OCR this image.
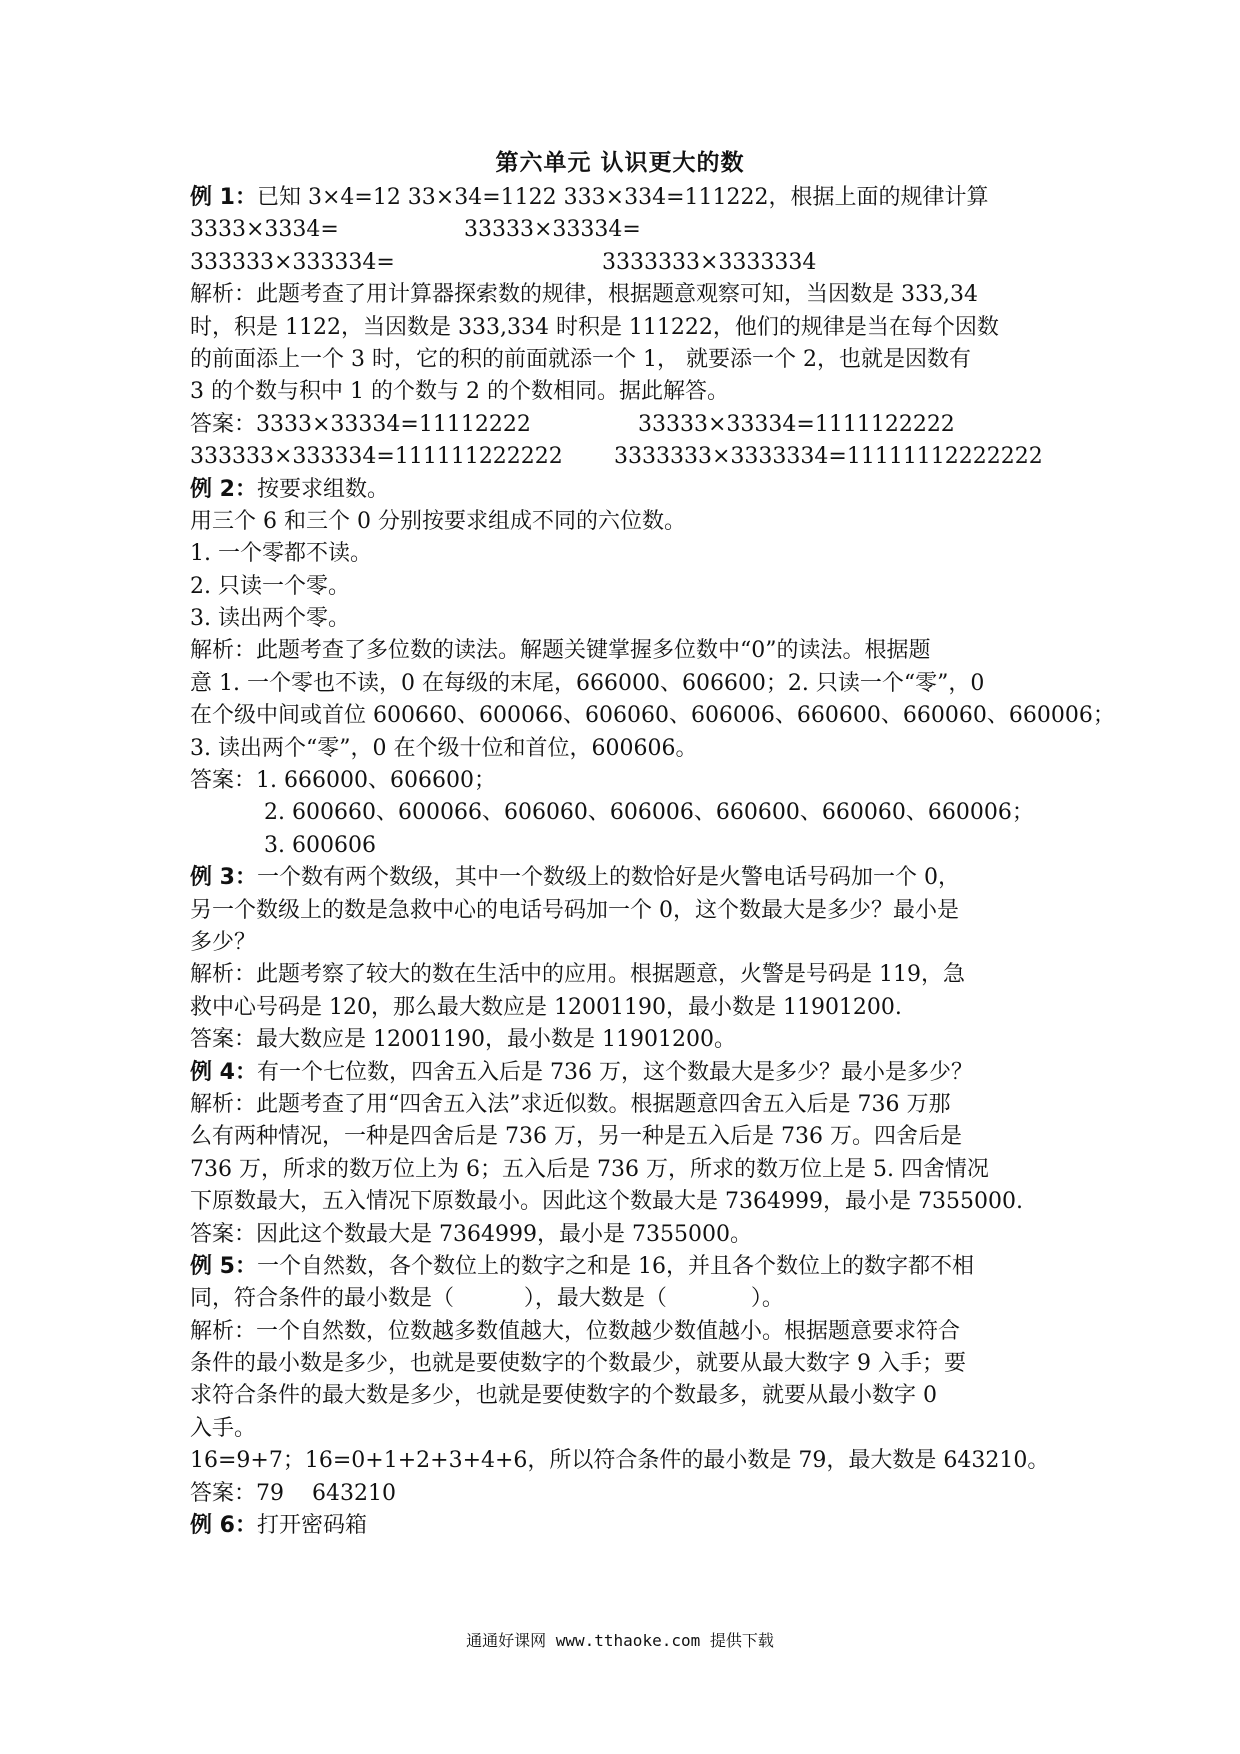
第六单元 认识更大的数
例 1：已知 3×4=12 33×34=1122 333×334=111222，根据上面的规律计算
3333×3334=	33333×33334=
333333×333334=	3333333×3333334
解析：此题考查了用计算器探索数的规律，根据题意观察可知，当因数是 333,34
时，积是 1122，当因数是 333,334 时积是 111222，他们的规律是当在每个因数
的前面添上一个 3 时，它的积的前面就添一个 1， 就要添一个 2，也就是因数有
3 的个数与积中 1 的个数与 2 的个数相同。据此解答。
答案：3333×33334=11112222	33333×33334=1111122222
333333×333334=111111222222 3333333×3333334=11111112222222
例 2：按要求组数。
用三个 6 和三个 0 分别按要求组成不同的六位数。
1. 一个零都不读。
2. 只读一个零。
3. 读出两个零。
解析：此题考查了多位数的读法。解题关键掌握多位数中“0”的读法。根据题
意 1. 一个零也不读，0 在每级的末尾，666000、606600；2. 只读一个“零”，0
在个级中间或首位 600660、600066、606060、606006、660600、660060、660006；
3. 读出两个“零”，0 在个级十位和首位，600606。
答案：1. 666000、606600；
2. 600660、600066、606060、606006、660600、660060、660006；
3. 600606
例 3：一个数有两个数级，其中一个数级上的数恰好是火警电话号码加一个 0，
另一个数级上的数是急救中心的电话号码加一个 0，这个数最大是多少？最小是
多少？
解析：此题考察了较大的数在生活中的应用。根据题意，火警是号码是 119，急
救中心号码是 120，那么最大数应是 12001190，最小数是 11901200.
答案：最大数应是 12001190，最小数是 11901200。
例 4：有一个七位数，四舍五入后是 736 万，这个数最大是多少？最小是多少？
解析：此题考查了用“四舍五入法”求近似数。根据题意四舍五入后是 736 万那
么有两种情况，一种是四舍后是 736 万，另一种是五入后是 736 万。四舍后是
736 万，所求的数万位上为 6；五入后是 736 万，所求的数万位上是 5. 四舍情况
下原数最大，五入情况下原数最小。因此这个数最大是 7364999，最小是 7355000.
答案：因此这个数最大是 7364999，最小是 7355000。
例 5：一个自然数，各个数位上的数字之和是 16，并且各个数位上的数字都不相
同，符合条件的最小数是（          ），最大数是（            ）。
解析：一个自然数，位数越多数值越大，位数越少数值越小。根据题意要求符合
条件的最小数是多少，也就是要使数字的个数最少，就要从最大数字 9 入手；要
求符合条件的最大数是多少，也就是要使数字的个数最多，就要从最小数字 0
入手。
16=9+7；16=0+1+2+3+4+6，所以符合条件的最小数是 79，最大数是 643210。
答案：79    643210
例 6：打开密码箱
通通好课网 www.tthaoke.com 提供下载
